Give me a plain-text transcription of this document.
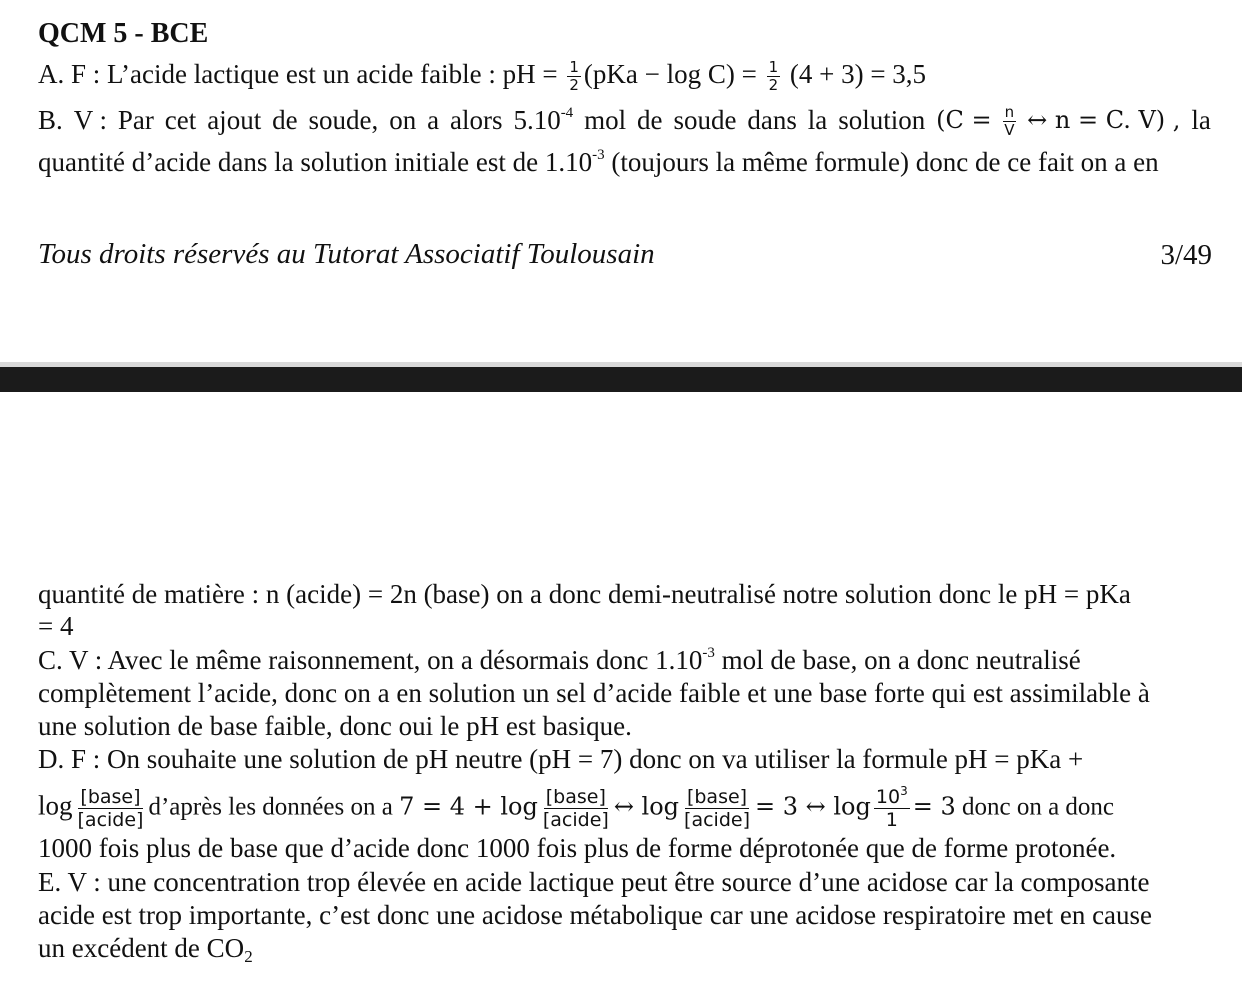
QCM 5 - BCE
A. F : L’acide lactique est un acide faible : pH = $\frac{1}{2} (pKa - \log C) = \frac{1}{2} (4 + 3) = 3,5$
B. V : Par cet ajout de soude, on a alors $5.10^{-4}$ mol de soude dans la solution ($C = \frac{n}{V}$ ↔ n = C. V) , la
quantité d’acide dans la solution initiale est de $1.10^{-3}$ (toujours la même formule) donc de ce fait on a en
Tous droits réservés au Tutorat Associatif Toulousain	3/49
quantité de matière : n (acide) = 2n (base) on a donc demi-neutralisé notre solution donc le pH = pKa
= 4
C. V : Avec le même raisonnement, on a désormais donc $1.10^{-3}$ mol de base, on a donc neutralisé
complètement l’acide, donc on a en solution un sel d’acide faible et une base forte qui est assimilable à
une solution de base faible, donc oui le pH est basique.
D. F : On souhaite une solution de pH neutre (pH = 7) donc on va utiliser la formule pH = pKa +
$\log \frac{\text{[base]}}{\text{[acide]}}$ d’après les données on a $7 = 4 + \log \frac{\text{[base]}}{\text{[acide]}}$ ↔ $\log \frac{\text{[base]}}{\text{[acide]}} = 3$ ↔ $\log \frac{10^3}{1} = 3$ donc on a donc
1000 fois plus de base que d’acide donc 1000 fois plus de forme déprotonée que de forme protonée.
E. V : une concentration trop élevée en acide lactique peut être source d’une acidose car la composante
acide est trop importante, c’est donc une acidose métabolique car une acidose respiratoire met en cause
un excédent de $CO_2$
